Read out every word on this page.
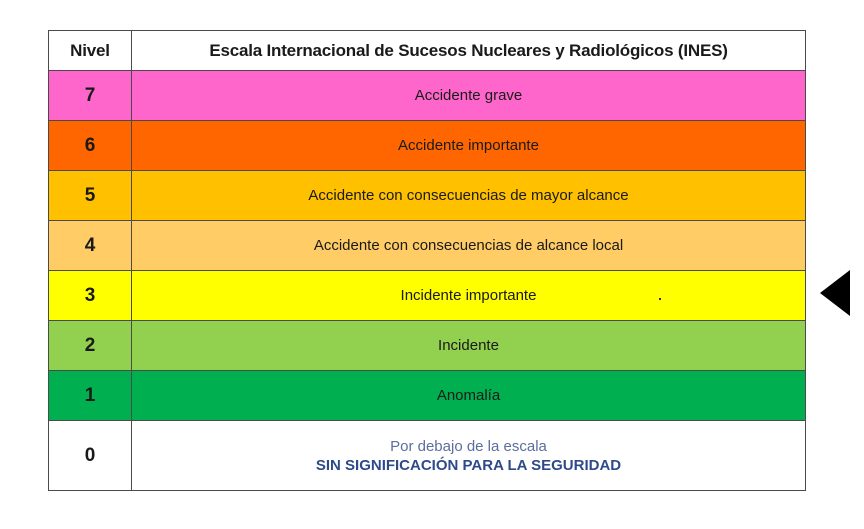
Nivel	Escala Internacional de Sucesos Nucleares y Radiológicos (INES)
7	Accidente grave
6	Accidente importante
5	Accidente con consecuencias de mayor alcance
4	Accidente con consecuencias de alcance local
3	Incidente importante
2	Incidente
1	Anomalía
0	Por debajo de la escala
SIN SIGNIFICACIÓN PARA LA SEGURIDAD
